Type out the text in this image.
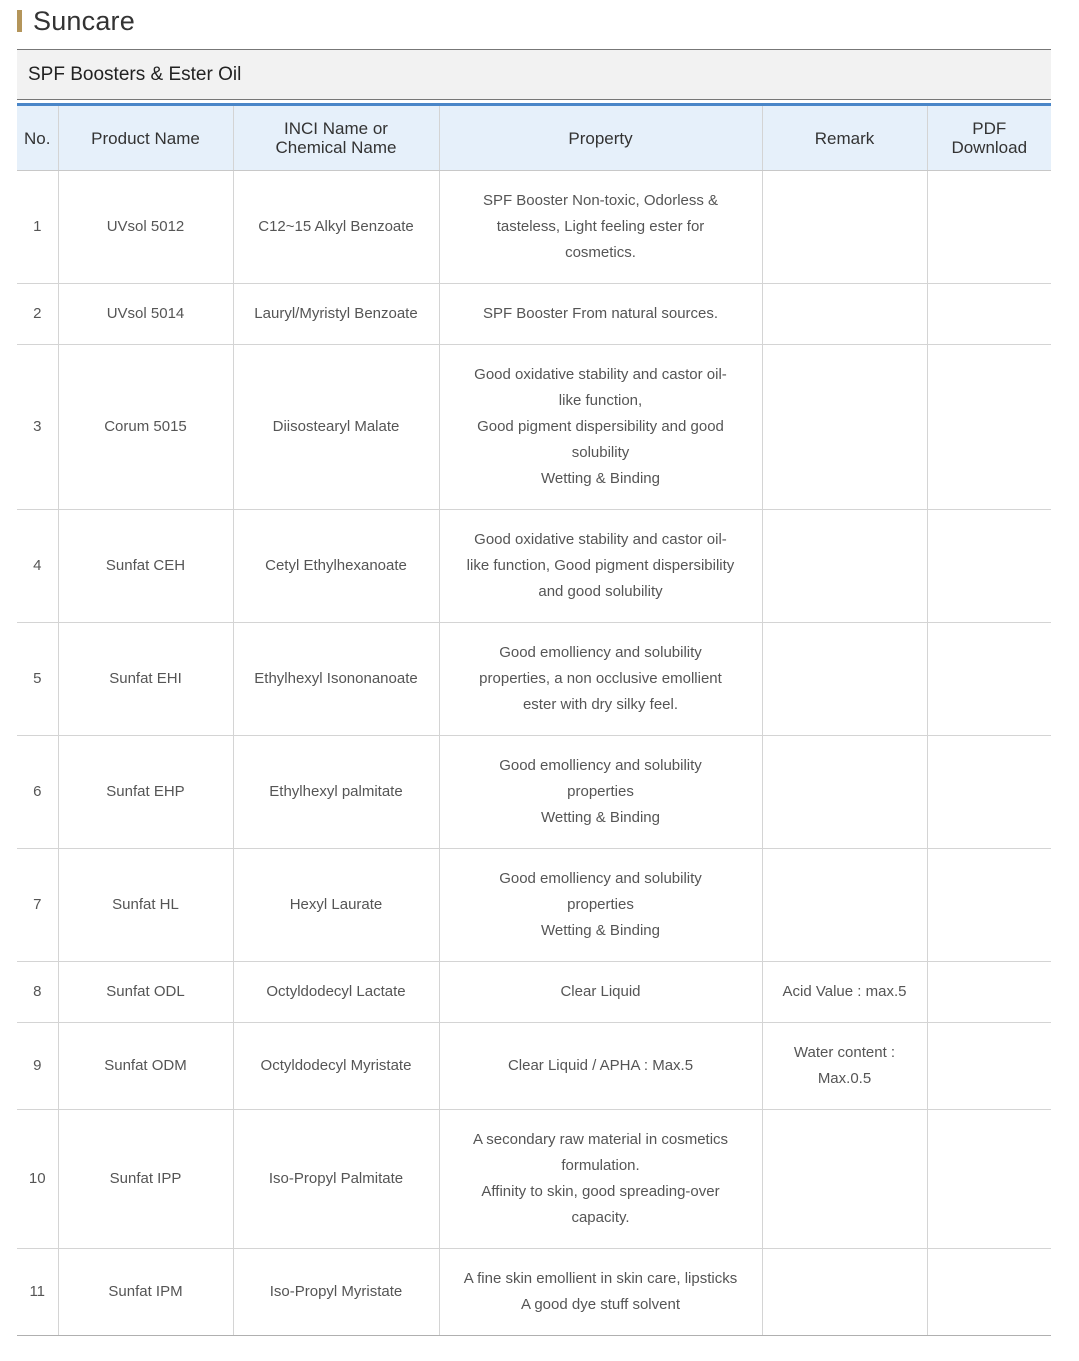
Suncare
SPF Boosters & Ester Oil
No.	Product Name	INCI Name or
Chemical Name	Property	Remark	PDF
Download
1	UVsol 5012	C12~15 Alkyl Benzoate	SPF Booster Non-toxic, Odorless &
tasteless, Light feeling ester for
cosmetics.		
2	UVsol 5014	Lauryl/Myristyl Benzoate	SPF Booster From natural sources.		
3	Corum 5015	Diisostearyl Malate	Good oxidative stability and castor oil-
like function,
Good pigment dispersibility and good
solubility
Wetting & Binding		
4	Sunfat CEH	Cetyl Ethylhexanoate	Good oxidative stability and castor oil-
like function, Good pigment dispersibility
and good solubility		
5	Sunfat EHI	Ethylhexyl Isononanoate	Good emolliency and solubility
properties, a non occlusive emollient
ester with dry silky feel.		
6	Sunfat EHP	Ethylhexyl palmitate	Good emolliency and solubility
properties
Wetting & Binding		
7	Sunfat HL	Hexyl Laurate	Good emolliency and solubility
properties
Wetting & Binding		
8	Sunfat ODL	Octyldodecyl Lactate	Clear Liquid	Acid Value : max.5	
9	Sunfat ODM	Octyldodecyl Myristate	Clear Liquid / APHA : Max.5	Water content :
Max.0.5	
10	Sunfat IPP	Iso-Propyl Palmitate	A secondary raw material in cosmetics
formulation.
Affinity to skin, good spreading-over
capacity.		
11	Sunfat IPM	Iso-Propyl Myristate	A fine skin emollient in skin care, lipsticks
A good dye stuff solvent		
